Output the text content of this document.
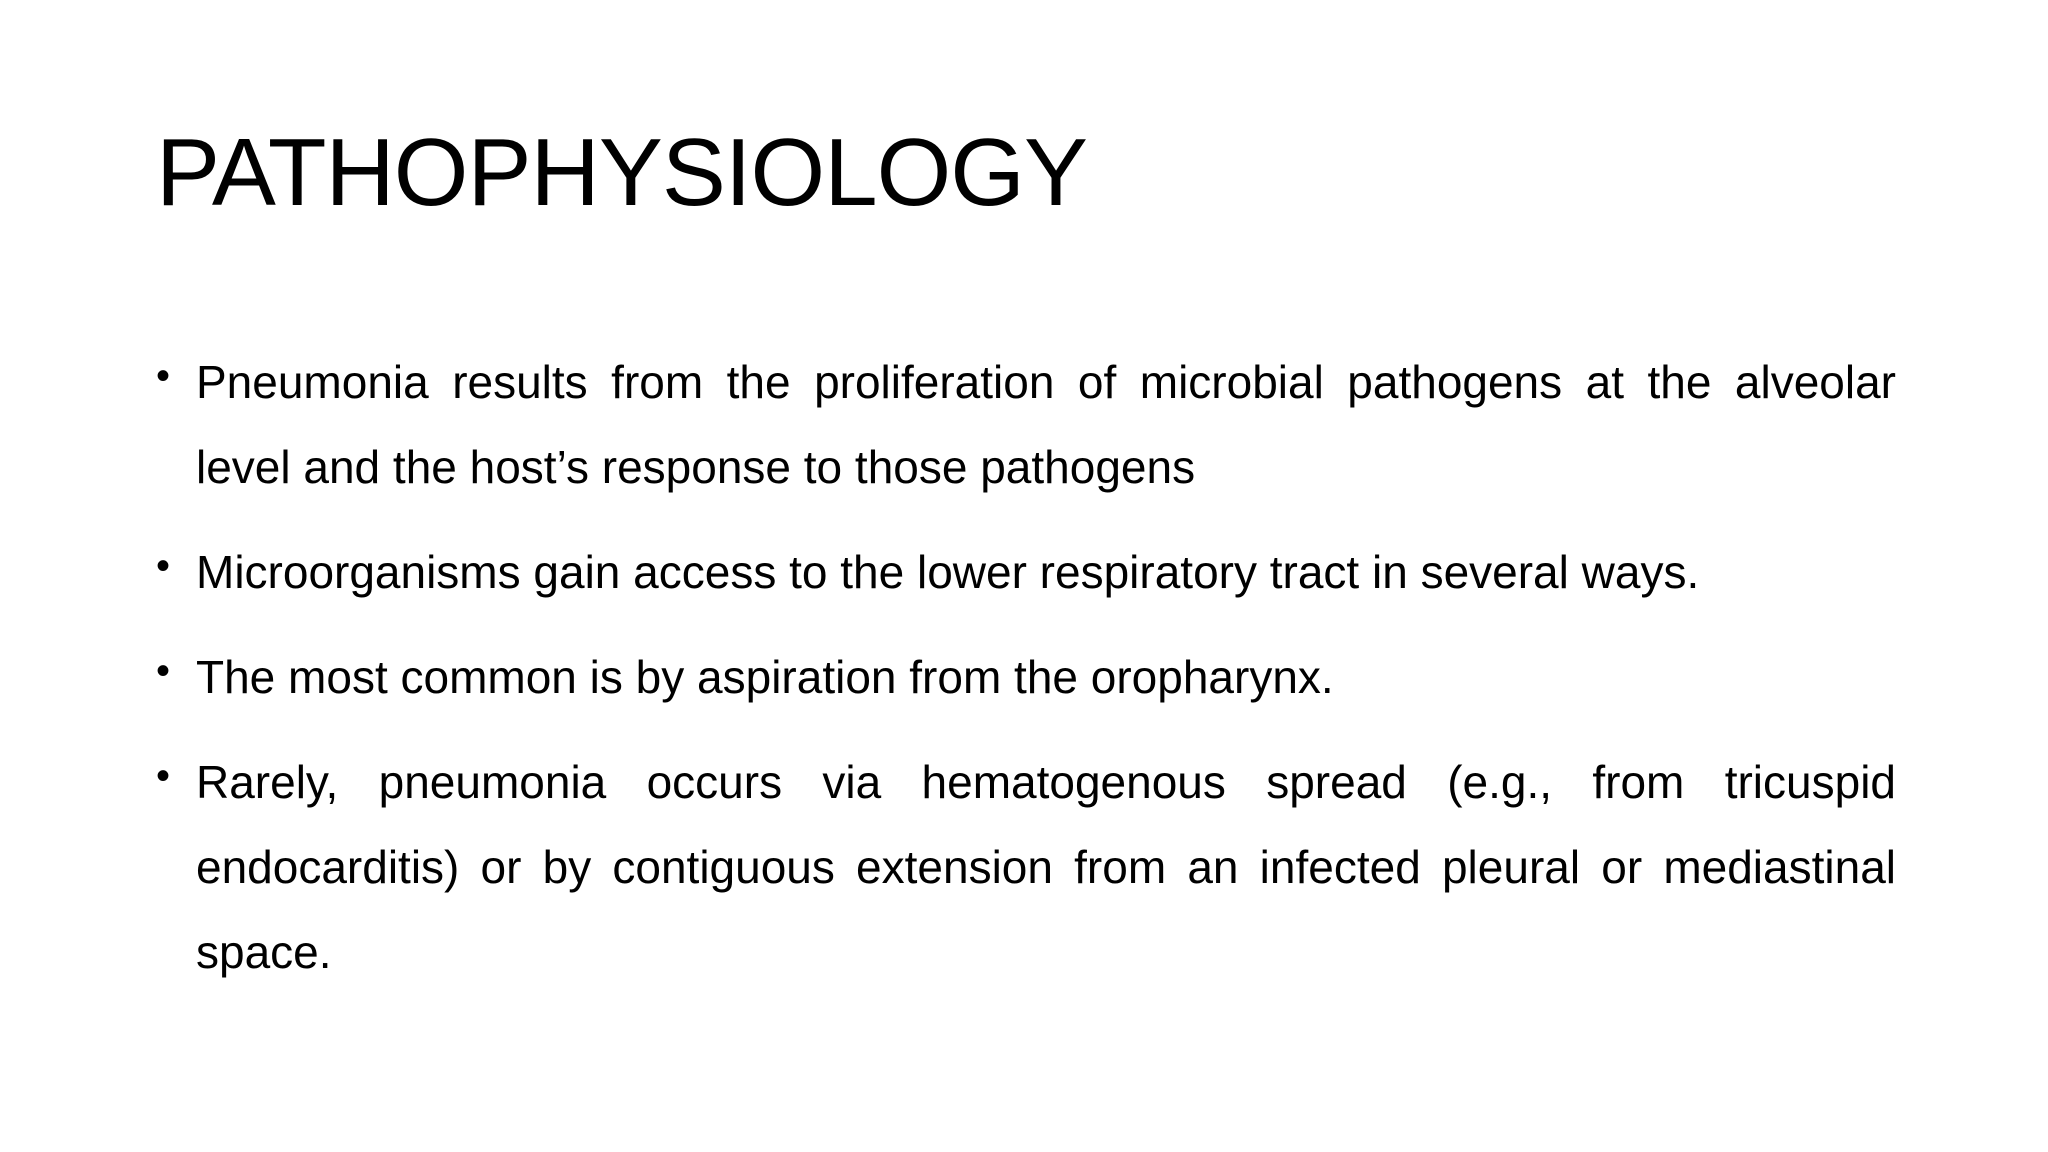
PATHOPHYSIOLOGY
• Pneumonia results from the proliferation of microbial pathogens at the alveolar level and the host’s response to those pathogens
• Microorganisms gain access to the lower respiratory tract in several ways.
• The most common is by aspiration from the oropharynx.
• Rarely, pneumonia occurs via hematogenous spread (e.g., from tricuspid endocarditis) or by contiguous extension from an infected pleural or mediastinal space.
